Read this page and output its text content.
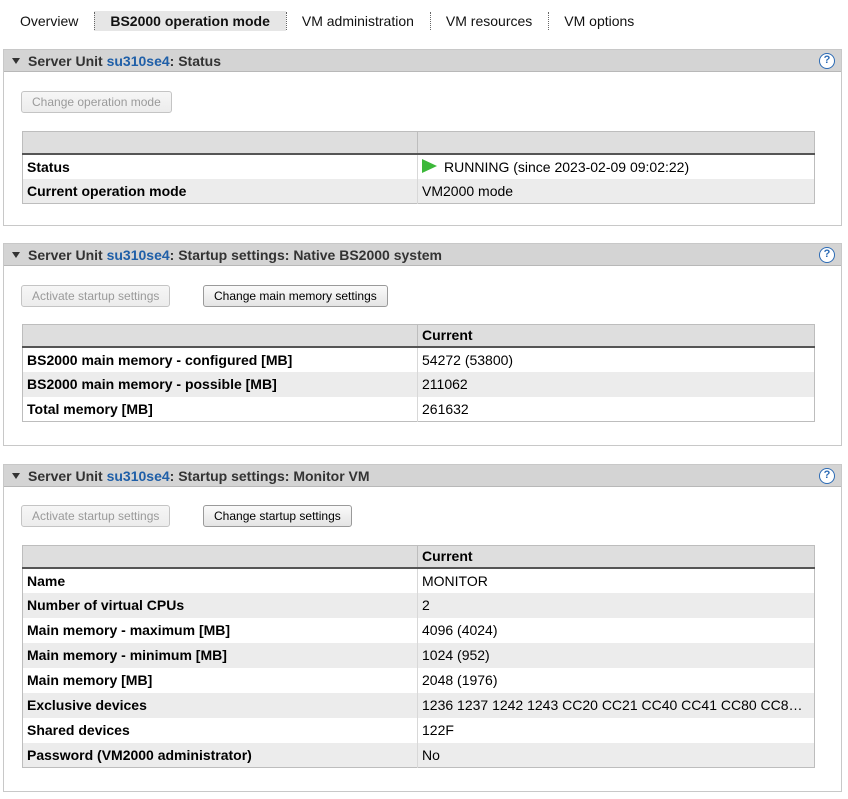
Overview	BS2000 operation mode	VM administration	VM resources	VM options
Server Unit su310se4 : Status	?
Change operation mode

Status	RUNNING (since 2023-02-09 09:02:22)
Current operation mode	VM2000 mode
Server Unit su310se4 : Startup settings: Native BS2000 system	?
Activate startup settings	Change main memory settings
	Current
BS2000 main memory - configured [MB]	54272 (53800)
BS2000 main memory - possible [MB]	211062
Total memory [MB]	261632
Server Unit su310se4 : Startup settings: Monitor VM	?
Activate startup settings	Change startup settings
	Current
Name	MONITOR
Number of virtual CPUs	2
Main memory - maximum [MB]	4096 (4024)
Main memory - minimum [MB]	1024 (952)
Main memory [MB]	2048 (1976)
Exclusive devices	1236 1237 1242 1243 CC20 CC21 CC40 CC41 CC80 CC8…
Shared devices	122F
Password (VM2000 administrator)	No
